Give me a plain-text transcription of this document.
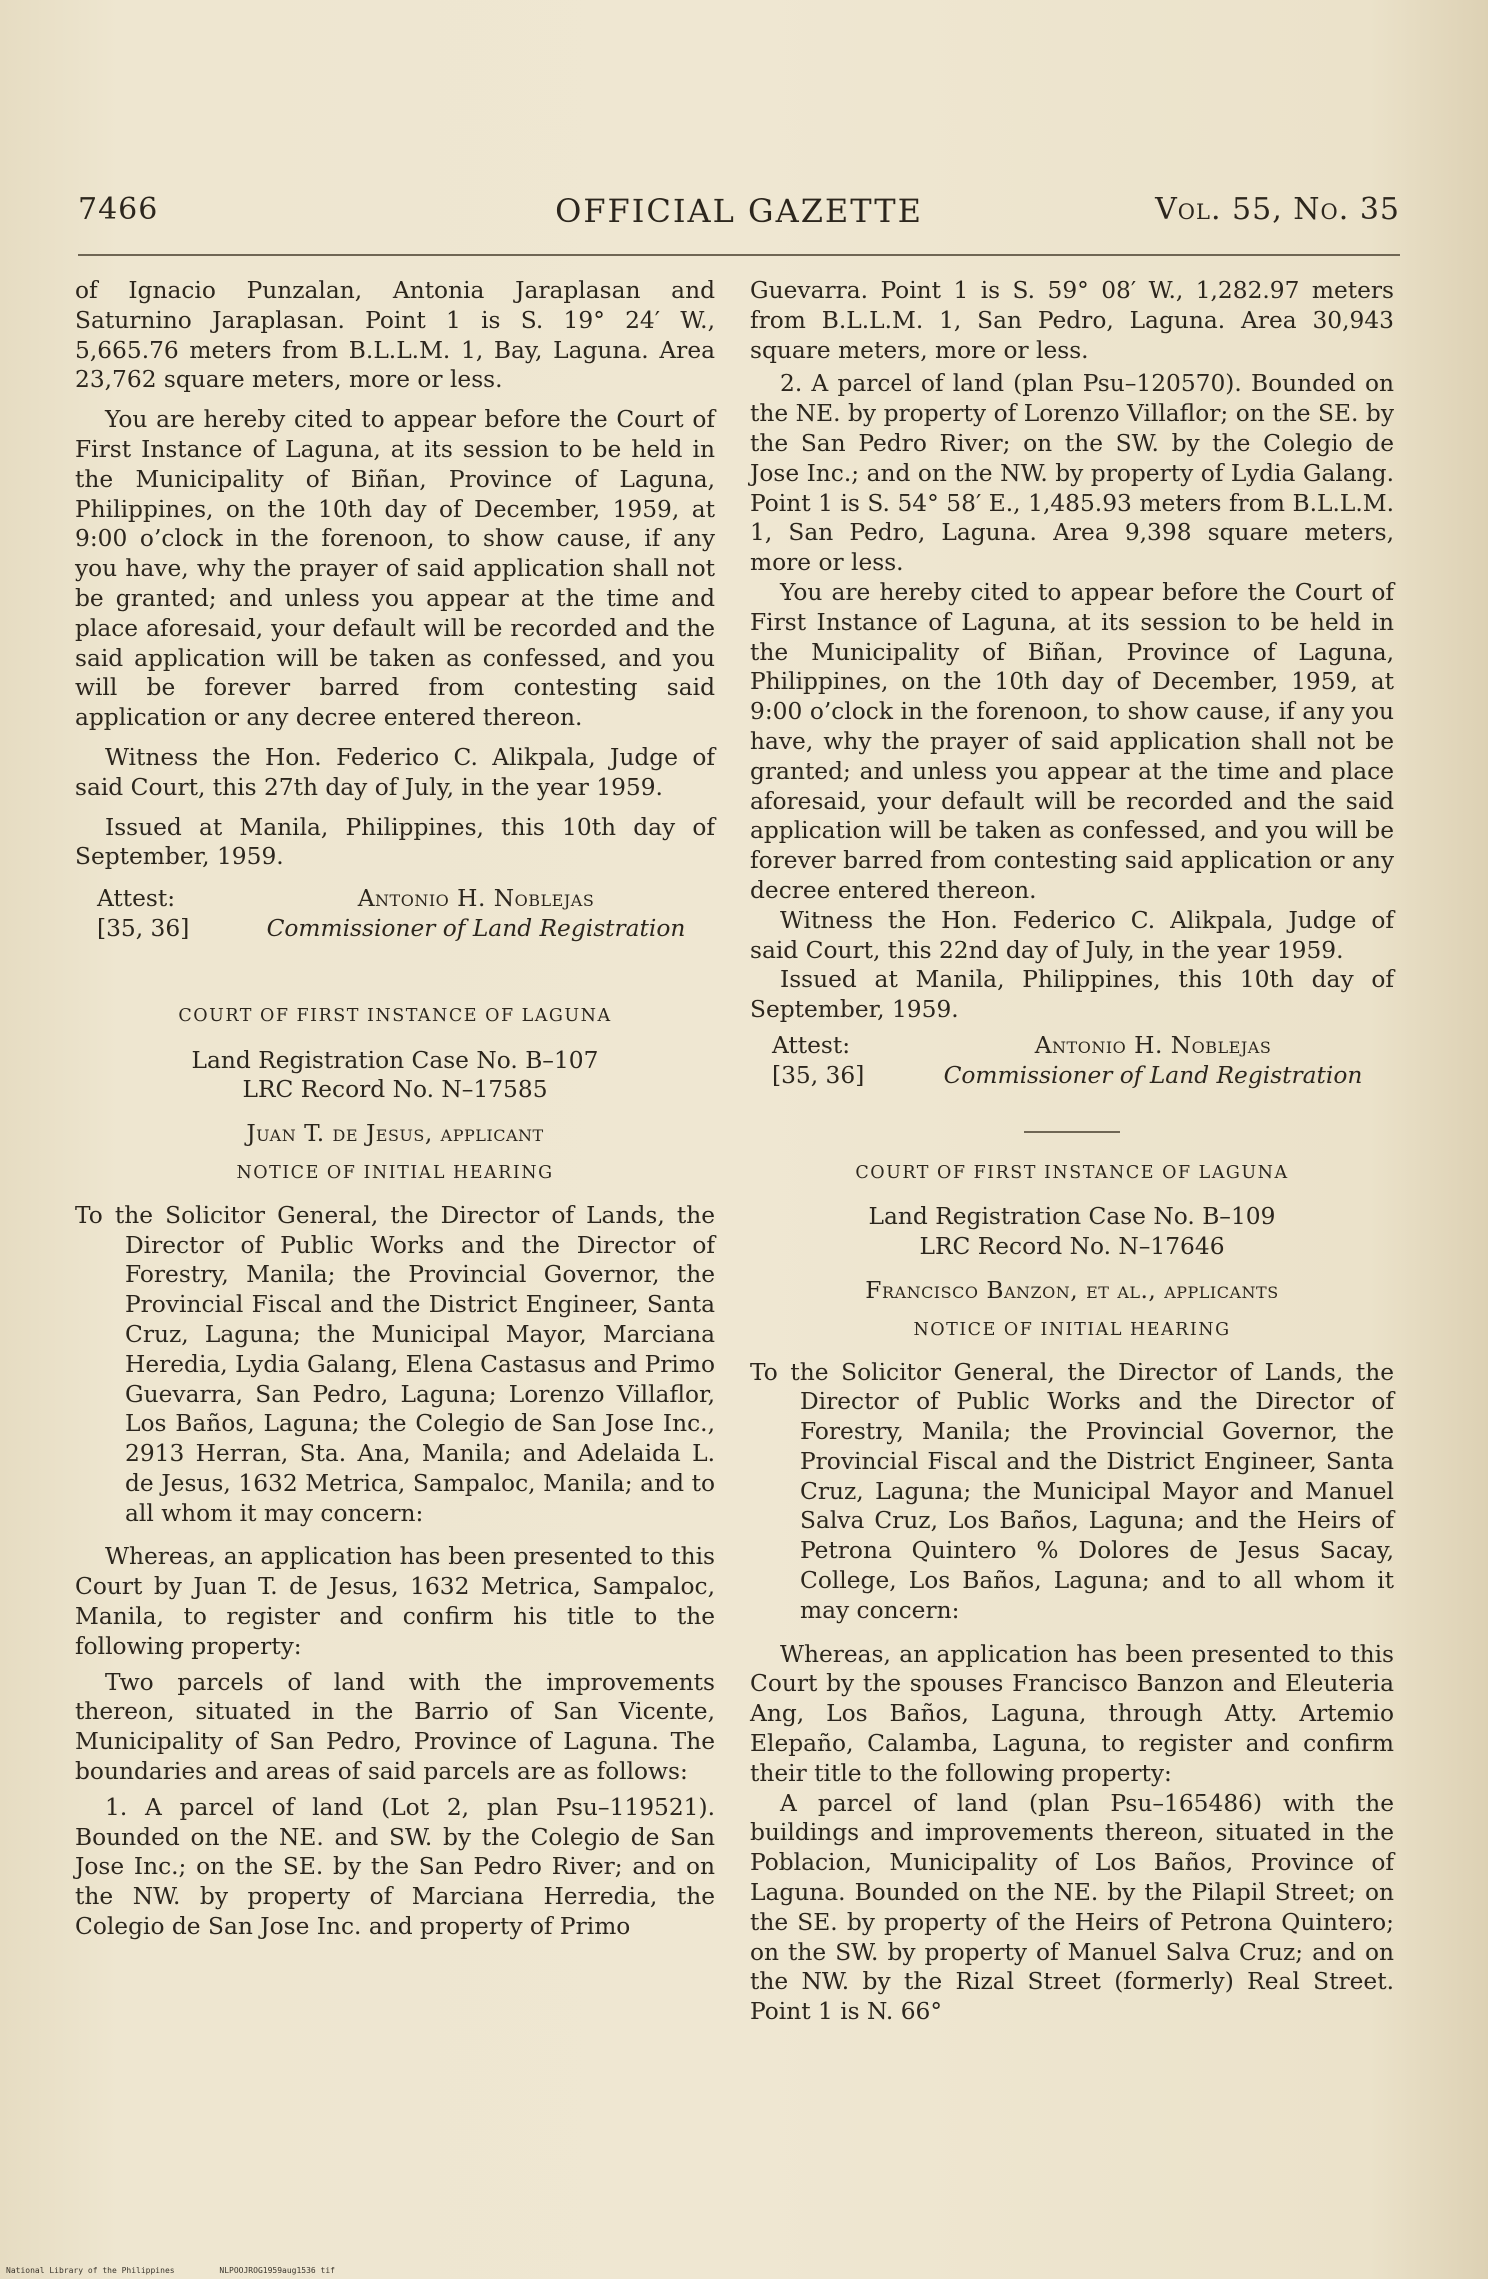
7466	OFFICIAL GAZETTE	Vol. 55, No. 35

of Ignacio Punzalan, Antonia Jaraplasan and Saturnino Jaraplasan. Point 1 is S. 19° 24′ W., 5,665.76 meters from B.L.L.M. 1, Bay, Laguna. Area 23,762 square meters, more or less.

You are hereby cited to appear before the Court of First Instance of Laguna, at its session to be held in the Municipality of Biñan, Province of Laguna, Philippines, on the 10th day of December, 1959, at 9:00 o’clock in the forenoon, to show cause, if any you have, why the prayer of said application shall not be granted; and unless you appear at the time and place aforesaid, your default will be recorded and the said application will be taken as confessed, and you will be forever barred from contesting said application or any decree entered thereon.

Witness the Hon. Federico C. Alikpala, Judge of said Court, this 27th day of July, in the year 1959.

Issued at Manila, Philippines, this 10th day of September, 1959.

Attest:
[35, 36]
Antonio H. Noblejas
Commissioner of Land Registration
COURT OF FIRST INSTANCE OF LAGUNA
Land Registration Case No. B–107
LRC Record No. N–17585
Juan T. de Jesus, applicant
NOTICE OF INITIAL HEARING

To the Solicitor General, the Director of Lands, the Director of Public Works and the Director of Forestry, Manila; the Provincial Governor, the Provincial Fiscal and the District Engineer, Santa Cruz, Laguna; the Municipal Mayor, Marciana Heredia, Lydia Galang, Elena Castasus and Primo Guevarra, San Pedro, Laguna; Lorenzo Villaflor, Los Baños, Laguna; the Colegio de San Jose Inc., 2913 Herran, Sta. Ana, Manila; and Adelaida L. de Jesus, 1632 Metrica, Sampaloc, Manila; and to all whom it may concern:

Whereas, an application has been presented to this Court by Juan T. de Jesus, 1632 Metrica, Sampaloc, Manila, to register and confirm his title to the following property:

Two parcels of land with the improvements thereon, situated in the Barrio of San Vicente, Municipality of San Pedro, Province of Laguna. The boundaries and areas of said parcels are as follows:

1. A parcel of land (Lot 2, plan Psu–119521). Bounded on the NE. and SW. by the Colegio de San Jose Inc.; on the SE. by the San Pedro River; and on the NW. by property of Marciana Herredia, the Colegio de San Jose Inc. and property of Primo

Guevarra. Point 1 is S. 59° 08′ W., 1,282.97 meters from B.L.L.M. 1, San Pedro, Laguna. Area 30,943 square meters, more or less.

2. A parcel of land (plan Psu–120570). Bounded on the NE. by property of Lorenzo Villaflor; on the SE. by the San Pedro River; on the SW. by the Colegio de Jose Inc.; and on the NW. by property of Lydia Galang. Point 1 is S. 54° 58′ E., 1,485.93 meters from B.L.L.M. 1, San Pedro, Laguna. Area 9,398 square meters, more or less.

You are hereby cited to appear before the Court of First Instance of Laguna, at its session to be held in the Municipality of Biñan, Province of Laguna, Philippines, on the 10th day of December, 1959, at 9:00 o’clock in the forenoon, to show cause, if any you have, why the prayer of said application shall not be granted; and unless you appear at the time and place aforesaid, your default will be recorded and the said application will be taken as confessed, and you will be forever barred from contesting said application or any decree entered thereon.

Witness the Hon. Federico C. Alikpala, Judge of said Court, this 22nd day of July, in the year 1959.

Issued at Manila, Philippines, this 10th day of September, 1959.

Attest:
[35, 36]
Antonio H. Noblejas
Commissioner of Land Registration
COURT OF FIRST INSTANCE OF LAGUNA
Land Registration Case No. B–109
LRC Record No. N–17646
Francisco Banzon, et al., applicants
NOTICE OF INITIAL HEARING

To the Solicitor General, the Director of Lands, the Director of Public Works and the Director of Forestry, Manila; the Provincial Governor, the Provincial Fiscal and the District Engineer, Santa Cruz, Laguna; the Municipal Mayor and Manuel Salva Cruz, Los Baños, Laguna; and the Heirs of Petrona Quintero % Dolores de Jesus Sacay, College, Los Baños, Laguna; and to all whom it may concern:

Whereas, an application has been presented to this Court by the spouses Francisco Banzon and Eleuteria Ang, Los Baños, Laguna, through Atty. Artemio Elepaño, Calamba, Laguna, to register and confirm their title to the following property:

A parcel of land (plan Psu–165486) with the buildings and improvements thereon, situated in the Poblacion, Municipality of Los Baños, Province of Laguna. Bounded on the NE. by the Pilapil Street; on the SE. by property of the Heirs of Petrona Quintero; on the SW. by property of Manuel Salva Cruz; and on the NW. by the Rizal Street (formerly) Real Street. Point 1 is N. 66°

National Library of the Philippines	NLPOOJROG1959aug1536 tif
